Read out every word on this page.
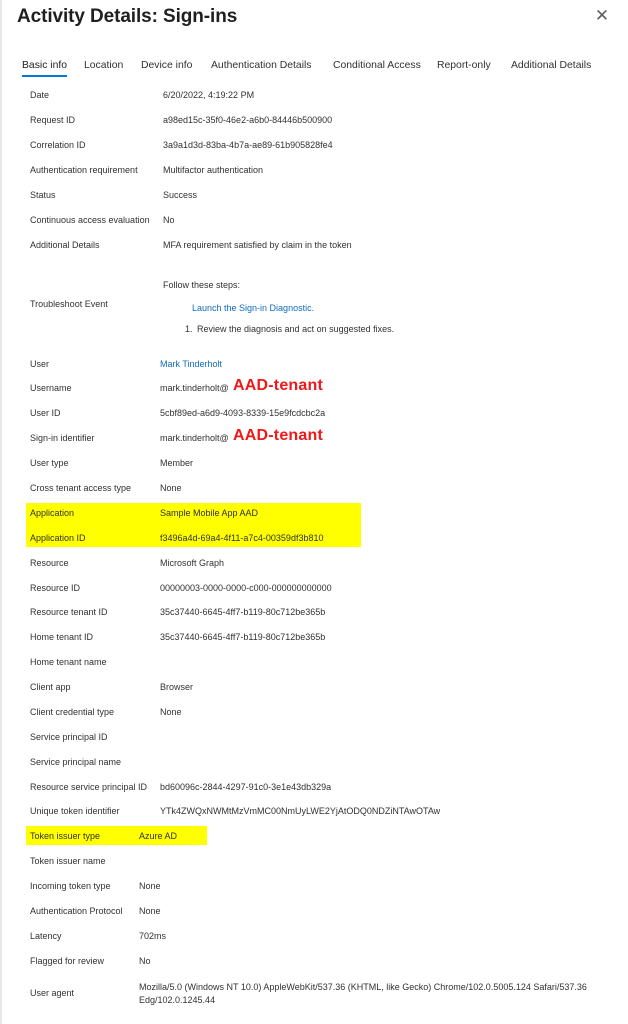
Activity Details: Sign-ins	✕
Basic info Location Device info Authentication Details Conditional Access Report-only Additional Details
Date	6/20/2022, 4:19:22 PM
Request ID	a98ed15c-35f0-46e2-a6b0-84446b500900
Correlation ID	3a9a1d3d-83ba-4b7a-ae89-61b905828fe4
Authentication requirement	Multifactor authentication
Status	Success
Continuous access evaluation No
Additional Details	MFA requirement satisfied by claim in the token
Troubleshoot Event
Follow these steps:
Launch the Sign-in Diagnostic.
1. Review the diagnosis and act on suggested fixes.
User	Mark Tinderholt
Username	mark.tinderholt@ AAD-tenant
User ID	5cbf89ed-a6d9-4093-8339-15e9fcdcbc2a
Sign-in identifier	mark.tinderholt@ AAD-tenant
User type	Member
Cross tenant access type	None
Application	Sample Mobile App AAD
Application ID	f3496a4d-69a4-4f11-a7c4-00359df3b810
Resource	Microsoft Graph
Resource ID	00000003-0000-0000-c000-000000000000
Resource tenant ID	35c37440-6645-4ff7-b119-80c712be365b
Home tenant ID	35c37440-6645-4ff7-b119-80c712be365b
Home tenant name
Client app	Browser
Client credential type	None
Service principal ID
Service principal name
Resource service principal ID bd60096c-2844-4297-91c0-3e1e43db329a
Unique token identifier	YTk4ZWQxNWMtMzVmMC00NmUyLWE2YjAtODQ0NDZiNTAwOTAw
Token issuer type	Azure AD
Token issuer name
Incoming token type	None
Authentication Protocol None
Latency	702ms
Flagged for review	No
User agent
Mozilla/5.0 (Windows NT 10.0) AppleWebKit/537.36 (KHTML, like Gecko) Chrome/102.0.5005.124 Safari/537.36
Edg/102.0.1245.44
